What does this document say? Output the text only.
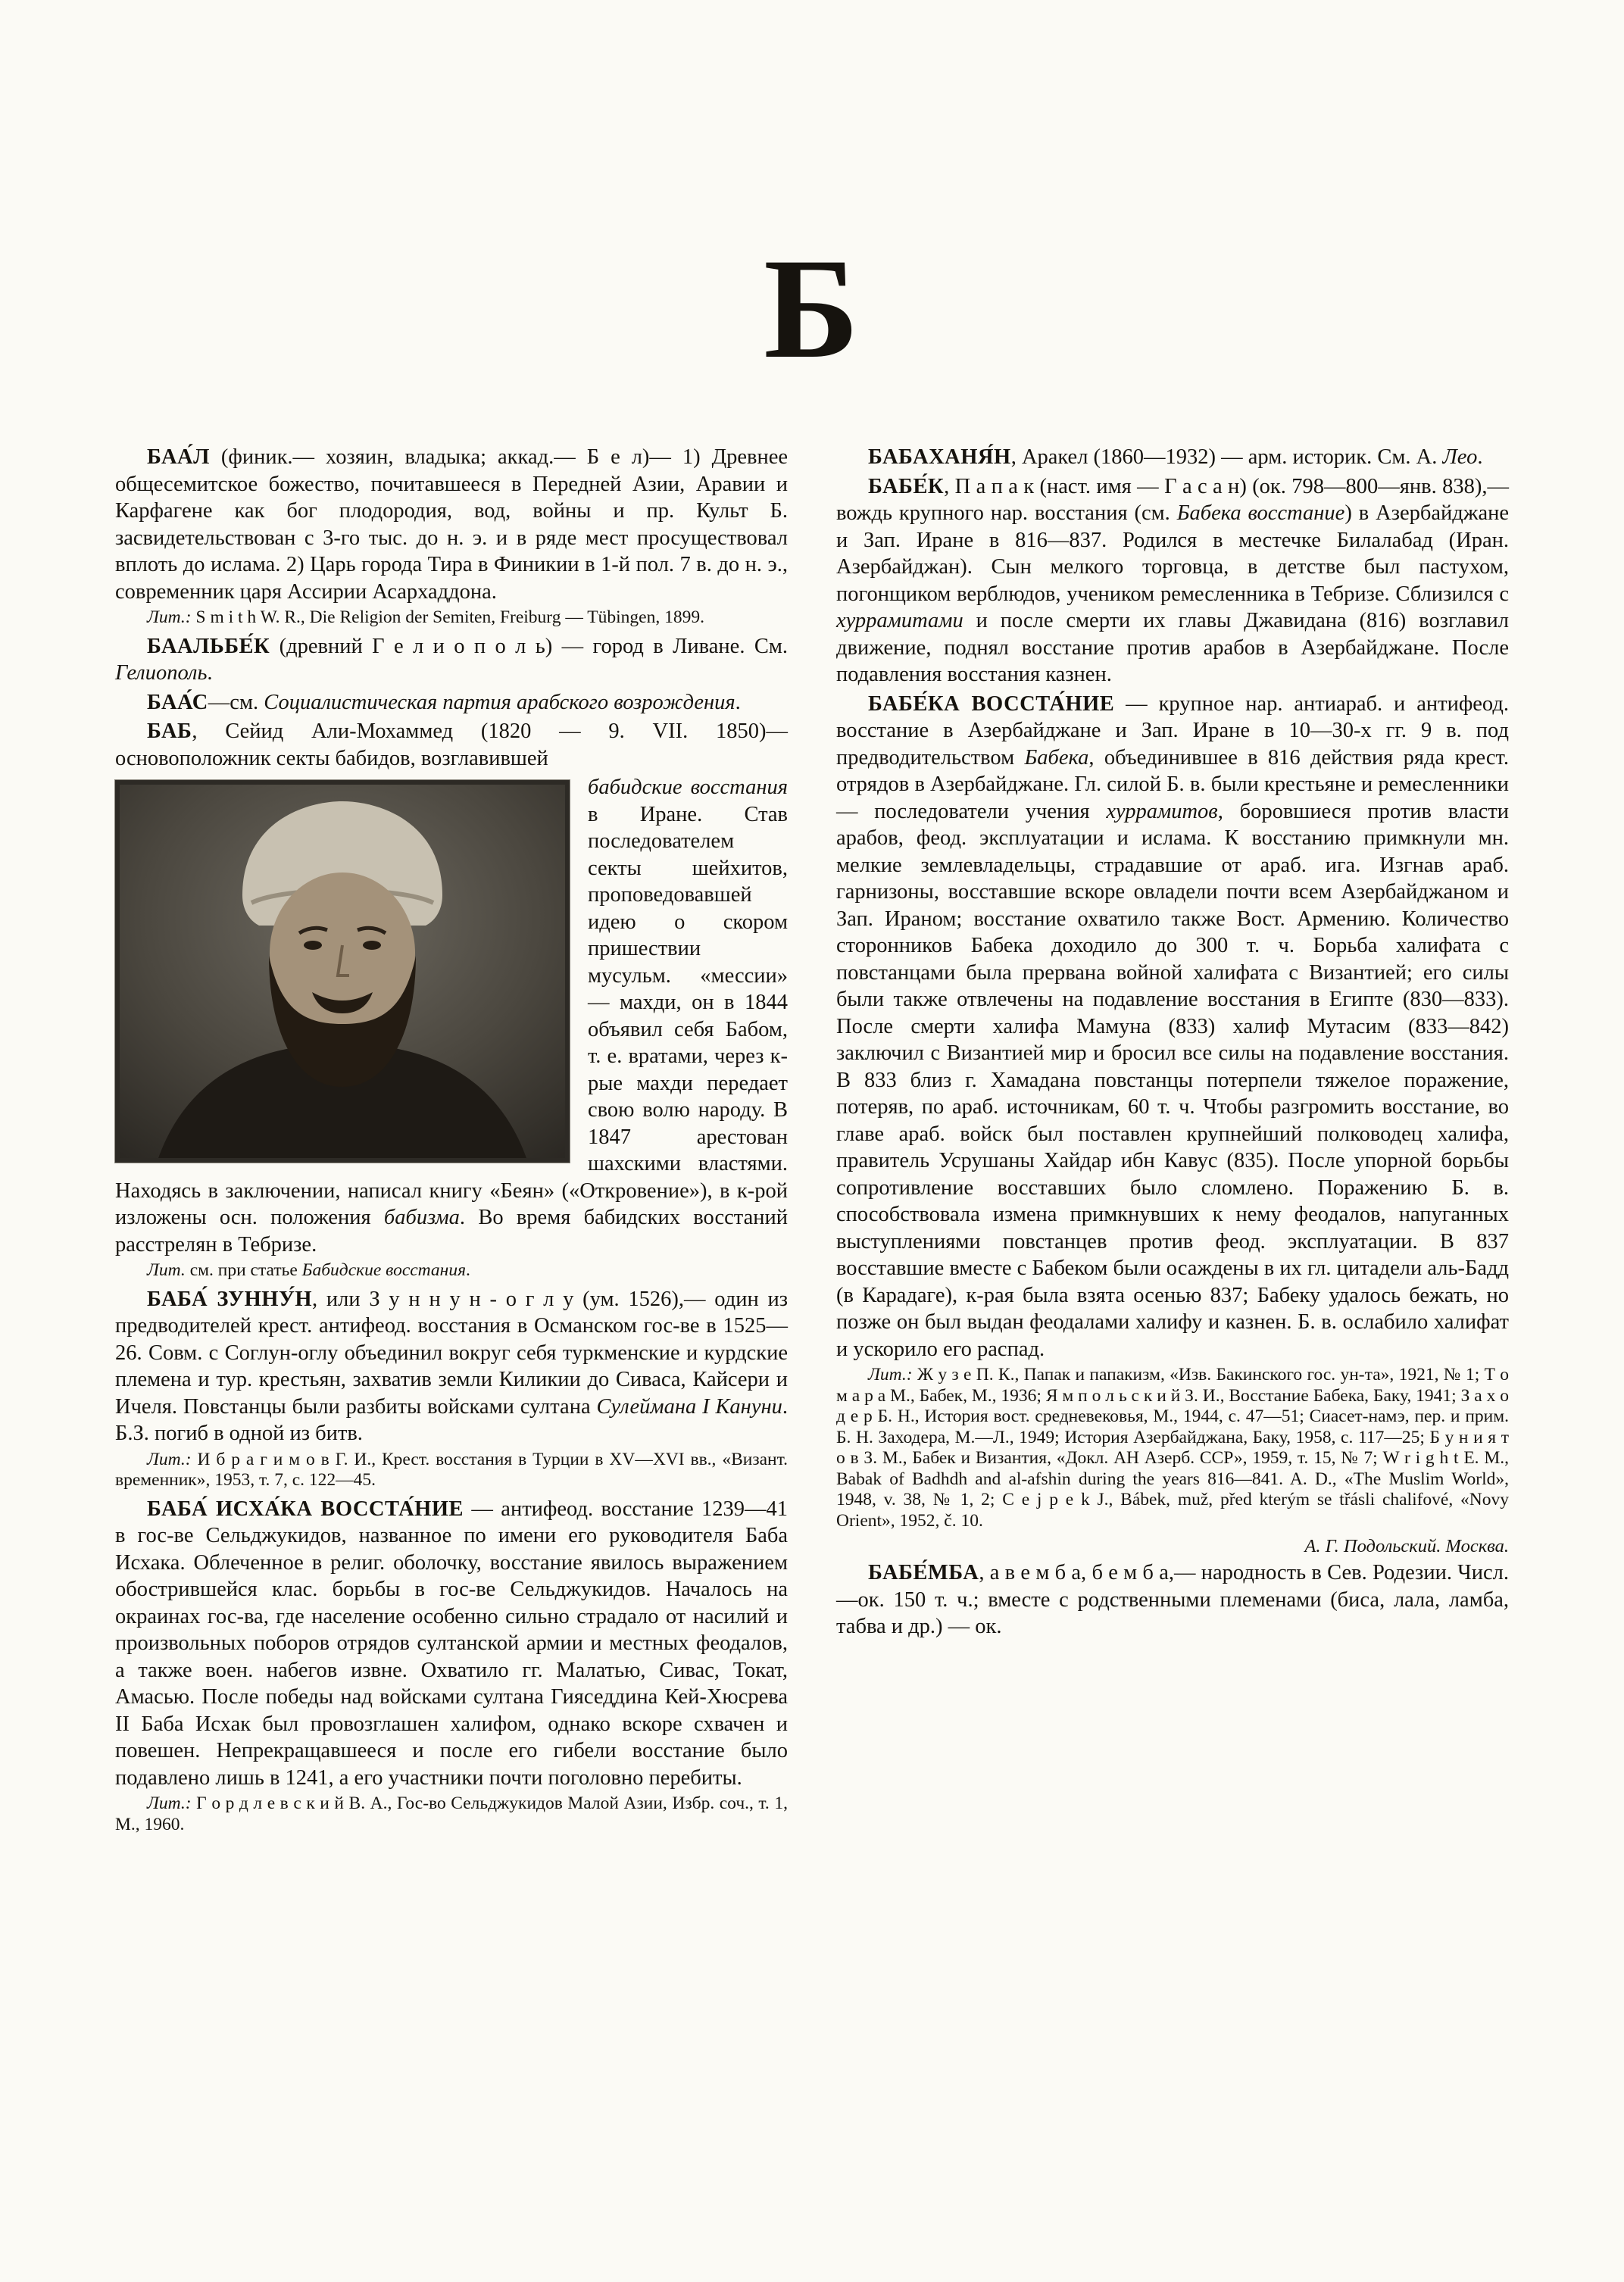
Б

БАА́Л (финик.— хозяин, владыка; аккад.— Б е л)— 1) Древнее общесемитское божество, почитавшееся в Передней Азии, Аравии и Карфагене как бог плодородия, вод, войны и пр. Культ Б. засвидетельствован с 3-го тыс. до н. э. и в ряде мест просуществовал вплоть до ислама. 2) Царь города Тира в Финикии в 1-й пол. 7 в. до н. э., современник царя Ассирии Асархаддона.

Лит.: S m i t h W. R., Die Religion der Semiten, Freiburg — Tübingen, 1899.

БААЛЬБЕ́К (древний Г е л и о п о л ь) — город в Ливане. См. Гелиополь.

БАА́С—см. Социалистическая партия арабского возрождения.

БАБ, Сейид Али-Мохаммед (1820 — 9. VII. 1850)— основоположник секты бабидов, возглавившей

бабидские восстания в Иране. Став последователем секты шейхитов, проповедовавшей идею о скором пришествии мусульм. «мессии» — махди, он в 1844 объявил себя Бабом, т. е. вратами, через к-рые махди передает свою волю народу. В 1847 арестован шахскими властями. Находясь в заключении, написал книгу «Беян» («Откровение»), в к-рой изложены осн. положения бабизма. Во время бабидских восстаний расстрелян в Тебризе.

Лит. см. при статье Бабидские восстания.

БАБА́ ЗУННУ́Н, или З у н н у н - о г л у (ум. 1526),— один из предводителей крест. антифеод. восстания в Османском гос-ве в 1525—26. Совм. с Соглун-оглу объединил вокруг себя туркменские и курдские племена и тур. крестьян, захватив земли Киликии до Сиваса, Кайсери и Ичеля. Повстанцы были разбиты войсками султана Сулеймана I Кануни. Б.З. погиб в одной из битв.

Лит.: И б р а г и м о в Г. И., Крест. восстания в Турции в XV—XVI вв., «Визант. временник», 1953, т. 7, с. 122—45.

БАБА́ ИСХА́КА ВОССТА́НИЕ — антифеод. восстание 1239—41 в гос-ве Сельджукидов, названное по имени его руководителя Баба Исхака. Облеченное в религ. оболочку, восстание явилось выражением обострившейся клас. борьбы в гос-ве Сельджукидов. Началось на окраинах гос-ва, где население особенно сильно страдало от насилий и произвольных поборов отрядов султанской армии и местных феодалов, а также воен. набегов извне. Охватило гг. Малатью, Сивас, Токат, Амасью. После победы над войсками султана Гияседдина Кей-Хюсрева II Баба Исхак был провозглашен халифом, однако вскоре схвачен и повешен. Непрекращавшееся и после его гибели восстание было подавлено лишь в 1241, а его участники почти поголовно перебиты.

Лит.: Г о р д л е в с к и й В. А., Гос-во Сельджукидов Малой Азии, Избр. соч., т. 1, М., 1960.

БАБАХАНЯ́Н, Аракел (1860—1932) — арм. историк. См. А. Лео.

БАБЕ́К, П а п а к (наст. имя — Г а с а н) (ок. 798—800—янв. 838),— вождь крупного нар. восстания (см. Бабека восстание) в Азербайджане и Зап. Иране в 816—837. Родился в местечке Билалабад (Иран. Азербайджан). Сын мелкого торговца, в детстве был пастухом, погонщиком верблюдов, учеником ремесленника в Тебризе. Сблизился с хуррамитами и после смерти их главы Джавидана (816) возглавил движение, поднял восстание против арабов в Азербайджане. После подавления восстания казнен.

БАБЕ́КА ВОССТА́НИЕ — крупное нар. антиараб. и антифеод. восстание в Азербайджане и Зап. Иране в 10—30-х гг. 9 в. под предводительством Бабека, объединившее в 816 действия ряда крест. отрядов в Азербайджане. Гл. силой Б. в. были крестьяне и ремесленники — последователи учения хуррамитов, боровшиеся против власти арабов, феод. эксплуатации и ислама. К восстанию примкнули мн. мелкие землевладельцы, страдавшие от араб. ига. Изгнав араб. гарнизоны, восставшие вскоре овладели почти всем Азербайджаном и Зап. Ираном; восстание охватило также Вост. Армению. Количество сторонников Бабека доходило до 300 т. ч. Борьба халифата с повстанцами была прервана войной халифата с Византией; его силы были также отвлечены на подавление восстания в Египте (830—833). После смерти халифа Мамуна (833) халиф Мутасим (833—842) заключил с Византией мир и бросил все силы на подавление восстания. В 833 близ г. Хамадана повстанцы потерпели тяжелое поражение, потеряв, по араб. источникам, 60 т. ч. Чтобы разгромить восстание, во главе араб. войск был поставлен крупнейший полководец халифа, правитель Усрушаны Хайдар ибн Кавус (835). После упорной борьбы сопротивление восставших было сломлено. Поражению Б. в. способствовала измена примкнувших к нему феодалов, напуганных выступлениями повстанцев против феод. эксплуатации. В 837 восставшие вместе с Бабеком были осаждены в их гл. цитадели аль-Бадд (в Карадаге), к-рая была взята осенью 837; Бабеку удалось бежать, но позже он был выдан феодалами халифу и казнен. Б. в. ослабило халифат и ускорило его распад.

Лит.: Ж у з е П. К., Папак и папакизм, «Изв. Бакинского гос. ун-та», 1921, № 1; Т о м а р а М., Бабек, М., 1936; Я м п о л ь с к и й З. И., Восстание Бабека, Баку, 1941; З а х о д е р Б. Н., История вост. средневековья, М., 1944, с. 47—51; Сиасет-намэ, пер. и прим. Б. Н. Заходера, М.—Л., 1949; История Азербайджана, Баку, 1958, с. 117—25; Б у н и я т о в З. М., Бабек и Византия, «Докл. АН Азерб. ССР», 1959, т. 15, № 7; W r i g h t E. M., Babak of Badhdh and al-afshin during the years 816—841. A. D., «The Muslim World», 1948, v. 38, № 1, 2; C e j p e k J., Bábek, muž, před kterým se třásli chalifové, «Novy Orient», 1952, č. 10.

А. Г. Подольский. Москва.

БАБЕ́МБА, а в е м б а, б е м б а,— народность в Сев. Родезии. Числ.—ок. 150 т. ч.; вместе с родственными племенами (биса, лала, ламба, табва и др.) — ок.
